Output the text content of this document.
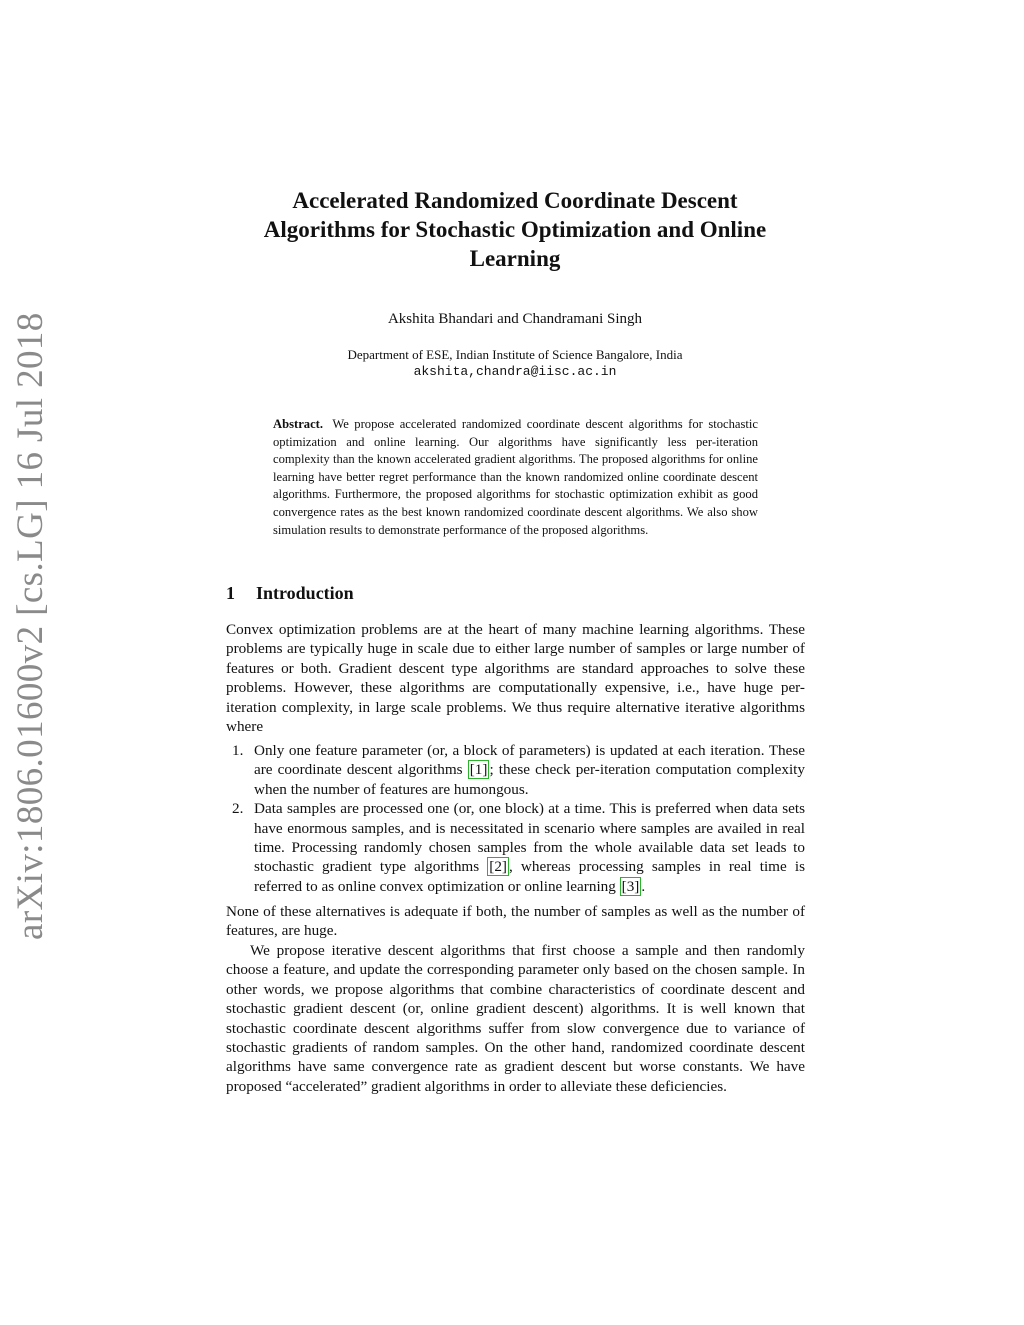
arXiv:1806.01600v2 [cs.LG] 16 Jul 2018
Accelerated Randomized Coordinate Descent
Algorithms for Stochastic Optimization and Online
Learning
Akshita Bhandari and Chandramani Singh
Department of ESE, Indian Institute of Science Bangalore, India
akshita,chandra@iisc.ac.in
Abstract. We propose accelerated randomized coordinate descent algorithms for stochastic optimization and online learning. Our algorithms have significantly less per-iteration complexity than the known accelerated gradient algorithms. The proposed algorithms for online learning have better regret performance than the known randomized online coordinate descent algorithms. Furthermore, the proposed algorithms for stochastic optimization exhibit as good convergence rates as the best known randomized coordinate descent algorithms. We also show simulation results to demonstrate performance of the proposed algorithms.
1 Introduction
Convex optimization problems are at the heart of many machine learning algorithms. These problems are typically huge in scale due to either large number of samples or large number of features or both. Gradient descent type algorithms are standard approaches to solve these problems. However, these algorithms are computationally expensive, i.e., have huge per-iteration complexity, in large scale problems. We thus require alternative iterative algorithms where
1. Only one feature parameter (or, a block of parameters) is updated at each iteration. These are coordinate descent algorithms [1] ; these check per-iteration computation complexity when the number of features are humongous.
2. Data samples are processed one (or, one block) at a time. This is preferred when data sets have enormous samples, and is necessitated in scenario where samples are availed in real time. Processing randomly chosen samples from the whole available data set leads to stochastic gradient type algorithms [2] , whereas processing samples in real time is referred to as online convex optimization or online learning [3] .
None of these alternatives is adequate if both, the number of samples as well as the number of features, are huge.
We propose iterative descent algorithms that first choose a sample and then randomly choose a feature, and update the corresponding parameter only based on the chosen sample. In other words, we propose algorithms that combine characteristics of coordinate descent and stochastic gradient descent (or, online gradient descent) algorithms. It is well known that stochastic coordinate descent algorithms suffer from slow convergence due to variance of stochastic gradients of random samples. On the other hand, randomized coordinate descent algorithms have same convergence rate as gradient descent but worse constants. We have proposed “accelerated” gradient algorithms in order to alleviate these deficiencies.
